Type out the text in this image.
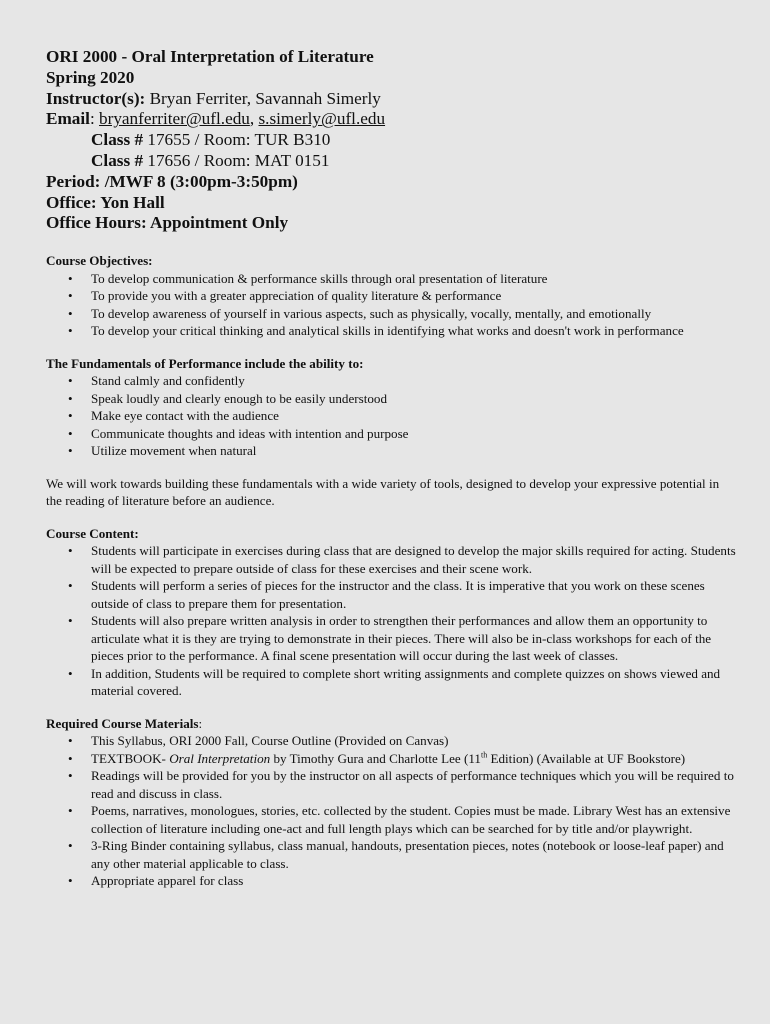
ORI 2000 - Oral Interpretation of Literature
Spring 2020
Instructor(s): Bryan Ferriter, Savannah Simerly
Email: bryanferriter@ufl.edu, s.simerly@ufl.edu
Class # 17655 / Room: TUR B310
Class # 17656 / Room: MAT 0151
Period: /MWF 8 (3:00pm-3:50pm)
Office: Yon Hall
Office Hours: Appointment Only
Course Objectives:
• To develop communication & performance skills through oral presentation of literature
• To provide you with a greater appreciation of quality literature & performance
• To develop awareness of yourself in various aspects, such as physically, vocally, mentally, and emotionally
• To develop your critical thinking and analytical skills in identifying what works and doesn't work in performance
The Fundamentals of Performance include the ability to:
• Stand calmly and confidently
• Speak loudly and clearly enough to be easily understood
• Make eye contact with the audience
• Communicate thoughts and ideas with intention and purpose
• Utilize movement when natural

We will work towards building these fundamentals with a wide variety of tools, designed to develop your expressive potential in the reading of literature before an audience.

Course Content:
• Students will participate in exercises during class that are designed to develop the major skills required for acting. Students will be expected to prepare outside of class for these exercises and their scene work.
• Students will perform a series of pieces for the instructor and the class. It is imperative that you work on these scenes outside of class to prepare them for presentation.
• Students will also prepare written analysis in order to strengthen their performances and allow them an opportunity to articulate what it is they are trying to demonstrate in their pieces. There will also be in-class workshops for each of the pieces prior to the performance. A final scene presentation will occur during the last week of classes.
• In addition, Students will be required to complete short writing assignments and complete quizzes on shows viewed and material covered.
Required Course Materials:
• This Syllabus, ORI 2000 Fall, Course Outline (Provided on Canvas)
• TEXTBOOK- Oral Interpretation by Timothy Gura and Charlotte Lee (11th Edition) (Available at UF Bookstore)
• Readings will be provided for you by the instructor on all aspects of performance techniques which you will be required to read and discuss in class.
• Poems, narratives, monologues, stories, etc. collected by the student. Copies must be made. Library West has an extensive collection of literature including one-act and full length plays which can be searched for by title and/or playwright.
• 3-Ring Binder containing syllabus, class manual, handouts, presentation pieces, notes (notebook or loose-leaf paper) and any other material applicable to class.
• Appropriate apparel for class
